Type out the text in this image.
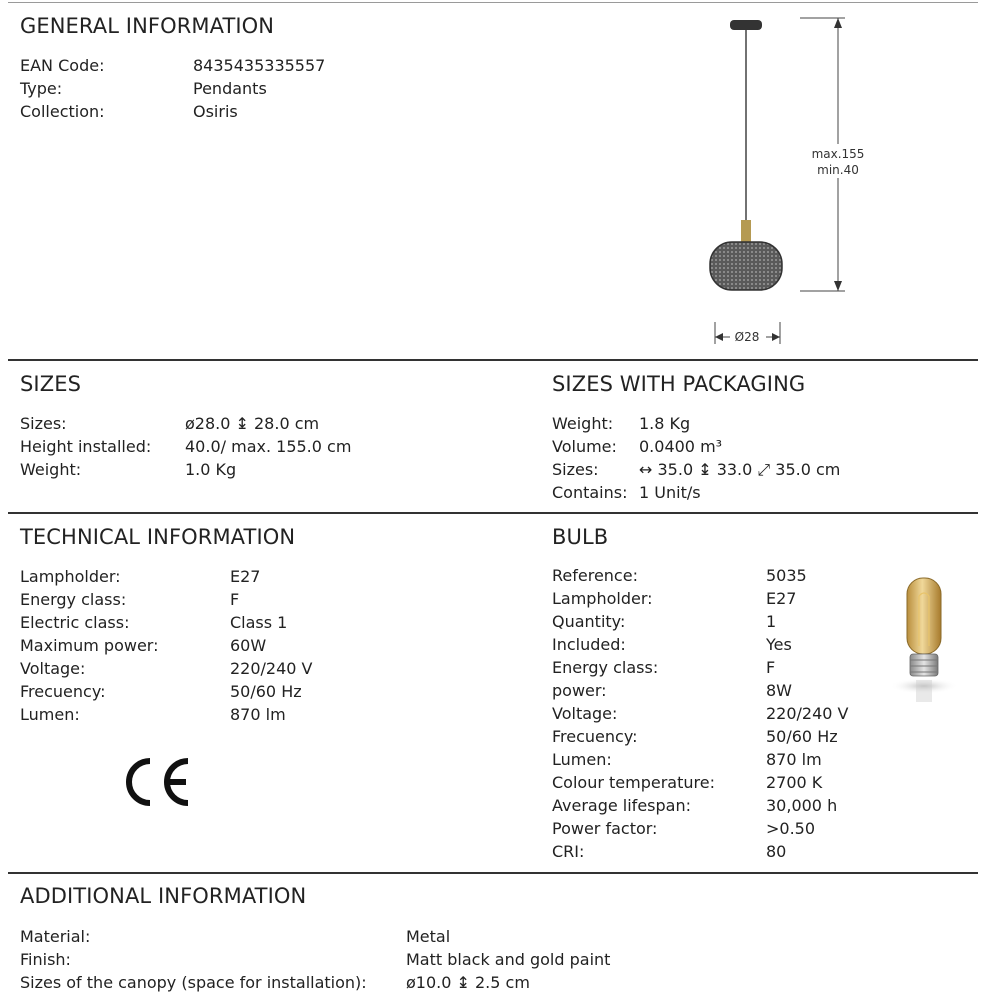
GENERAL INFORMATION
EAN Code:	8435435335557
Type:	Pendants
Collection:	Osiris
max.155
min.40
Ø28
SIZES
Sizes:	ø28.0 ↨ 28.0 cm
Height installed: 40.0/ max. 155.0 cm
Weight:	1.0 Kg
SIZES WITH PACKAGING
Weight: 1.8 Kg
Volume: 0.0400 m³
Sizes:	↔ 35.0 ↨ 33.0 ⤢ 35.0 cm
Contains: 1 Unit/s
TECHNICAL INFORMATION
Lampholder:	E27
Energy class:	F
Electric class:	Class 1
Maximum power:	60W
Voltage:	220/240 V
Frecuency:	50/60 Hz
Lumen:	870 lm
BULB
Reference:	5035
Lampholder:	E27
Quantity:	1
Included:	Yes
Energy class:	F
power:	8W
Voltage:	220/240 V
Frecuency:	50/60 Hz
Lumen:	870 lm
Colour temperature:	2700 K
Average lifespan:	30,000 h
Power factor:	>0.50
CRI:	80
ADDITIONAL INFORMATION
Material:	Metal
Finish:	Matt black and gold paint
Sizes of the canopy (space for installation): ø10.0 ↨ 2.5 cm
